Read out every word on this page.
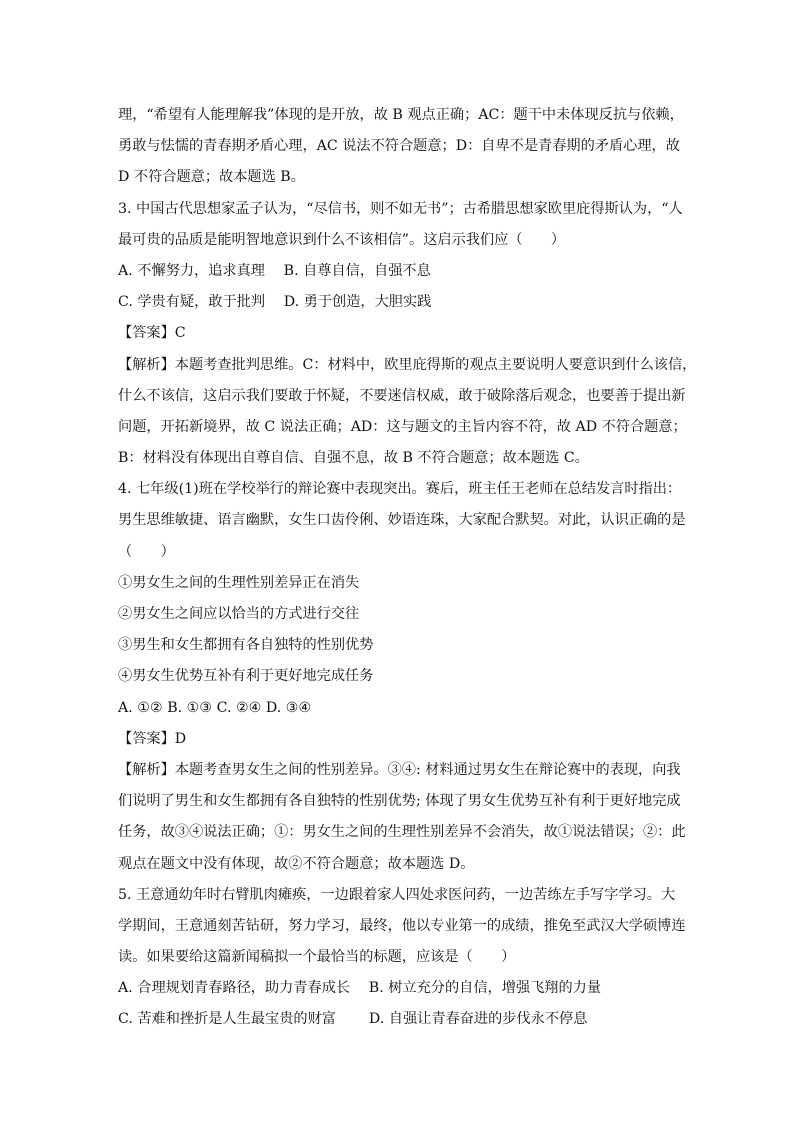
理，“希望有人能理解我”体现的是开放，故 B 观点正确；AC：题干中未体现反抗与依赖，
勇敢与怯懦的青春期矛盾心理，AC 说法不符合题意；D：自卑不是青春期的矛盾心理，故
D 不符合题意；故本题选 B。
3. 中国古代思想家孟子认为，“尽信书，则不如无书”；古希腊思想家欧里庇得斯认为，“人
最可贵的品质是能明智地意识到什么不该相信”。这启示我们应（　　）
A. 不懈努力，追求真理　 B. 自尊自信，自强不息
C. 学贵有疑，敢于批判　 D. 勇于创造，大胆实践
【答案】C
【解析】本题考查批判思维。C：材料中，欧里庇得斯的观点主要说明人要意识到什么该信，
什么不该信，这启示我们要敢于怀疑，不要迷信权威，敢于破除落后观念，也要善于提出新
问题，开拓新境界，故 C 说法正确；AD：这与题文的主旨内容不符，故 AD 不符合题意；
B：材料没有体现出自尊自信、自强不息，故 B 不符合题意；故本题选 C。
4. 七年级(1)班在学校举行的辩论赛中表现突出。赛后，班主任王老师在总结发言时指出：
男生思维敏捷、语言幽默，女生口齿伶俐、妙语连珠，大家配合默契。对此，认识正确的是
（　　）
①男女生之间的生理性别差异正在消失
②男女生之间应以恰当的方式进行交往
③男生和女生都拥有各自独特的性别优势
④男女生优势互补有利于更好地完成任务
A. ①② B. ①③ C. ②④ D. ③④
【答案】D
【解析】本题考查男女生之间的性别差异。③④: 材料通过男女生在辩论赛中的表现，向我
们说明了男生和女生都拥有各自独特的性别优势; 体现了男女生优势互补有利于更好地完成
任务，故③④说法正确；①：男女生之间的生理性别差异不会消失，故①说法错误；②：此
观点在题文中没有体现，故②不符合题意；故本题选 D。
5. 王意通幼年时右臂肌肉瘫痪，一边跟着家人四处求医问药，一边苦练左手写字学习。大
学期间，王意通刻苦钻研，努力学习，最终，他以专业第一的成绩，推免至武汉大学硕博连
读。如果要给这篇新闻稿拟一个最恰当的标题，应该是（　　）
A. 合理规划青春路径，助力青春成长　 B. 树立充分的自信，增强飞翔的力量
C. 苦难和挫折是人生最宝贵的财富　　 D. 自强让青春奋进的步伐永不停息
